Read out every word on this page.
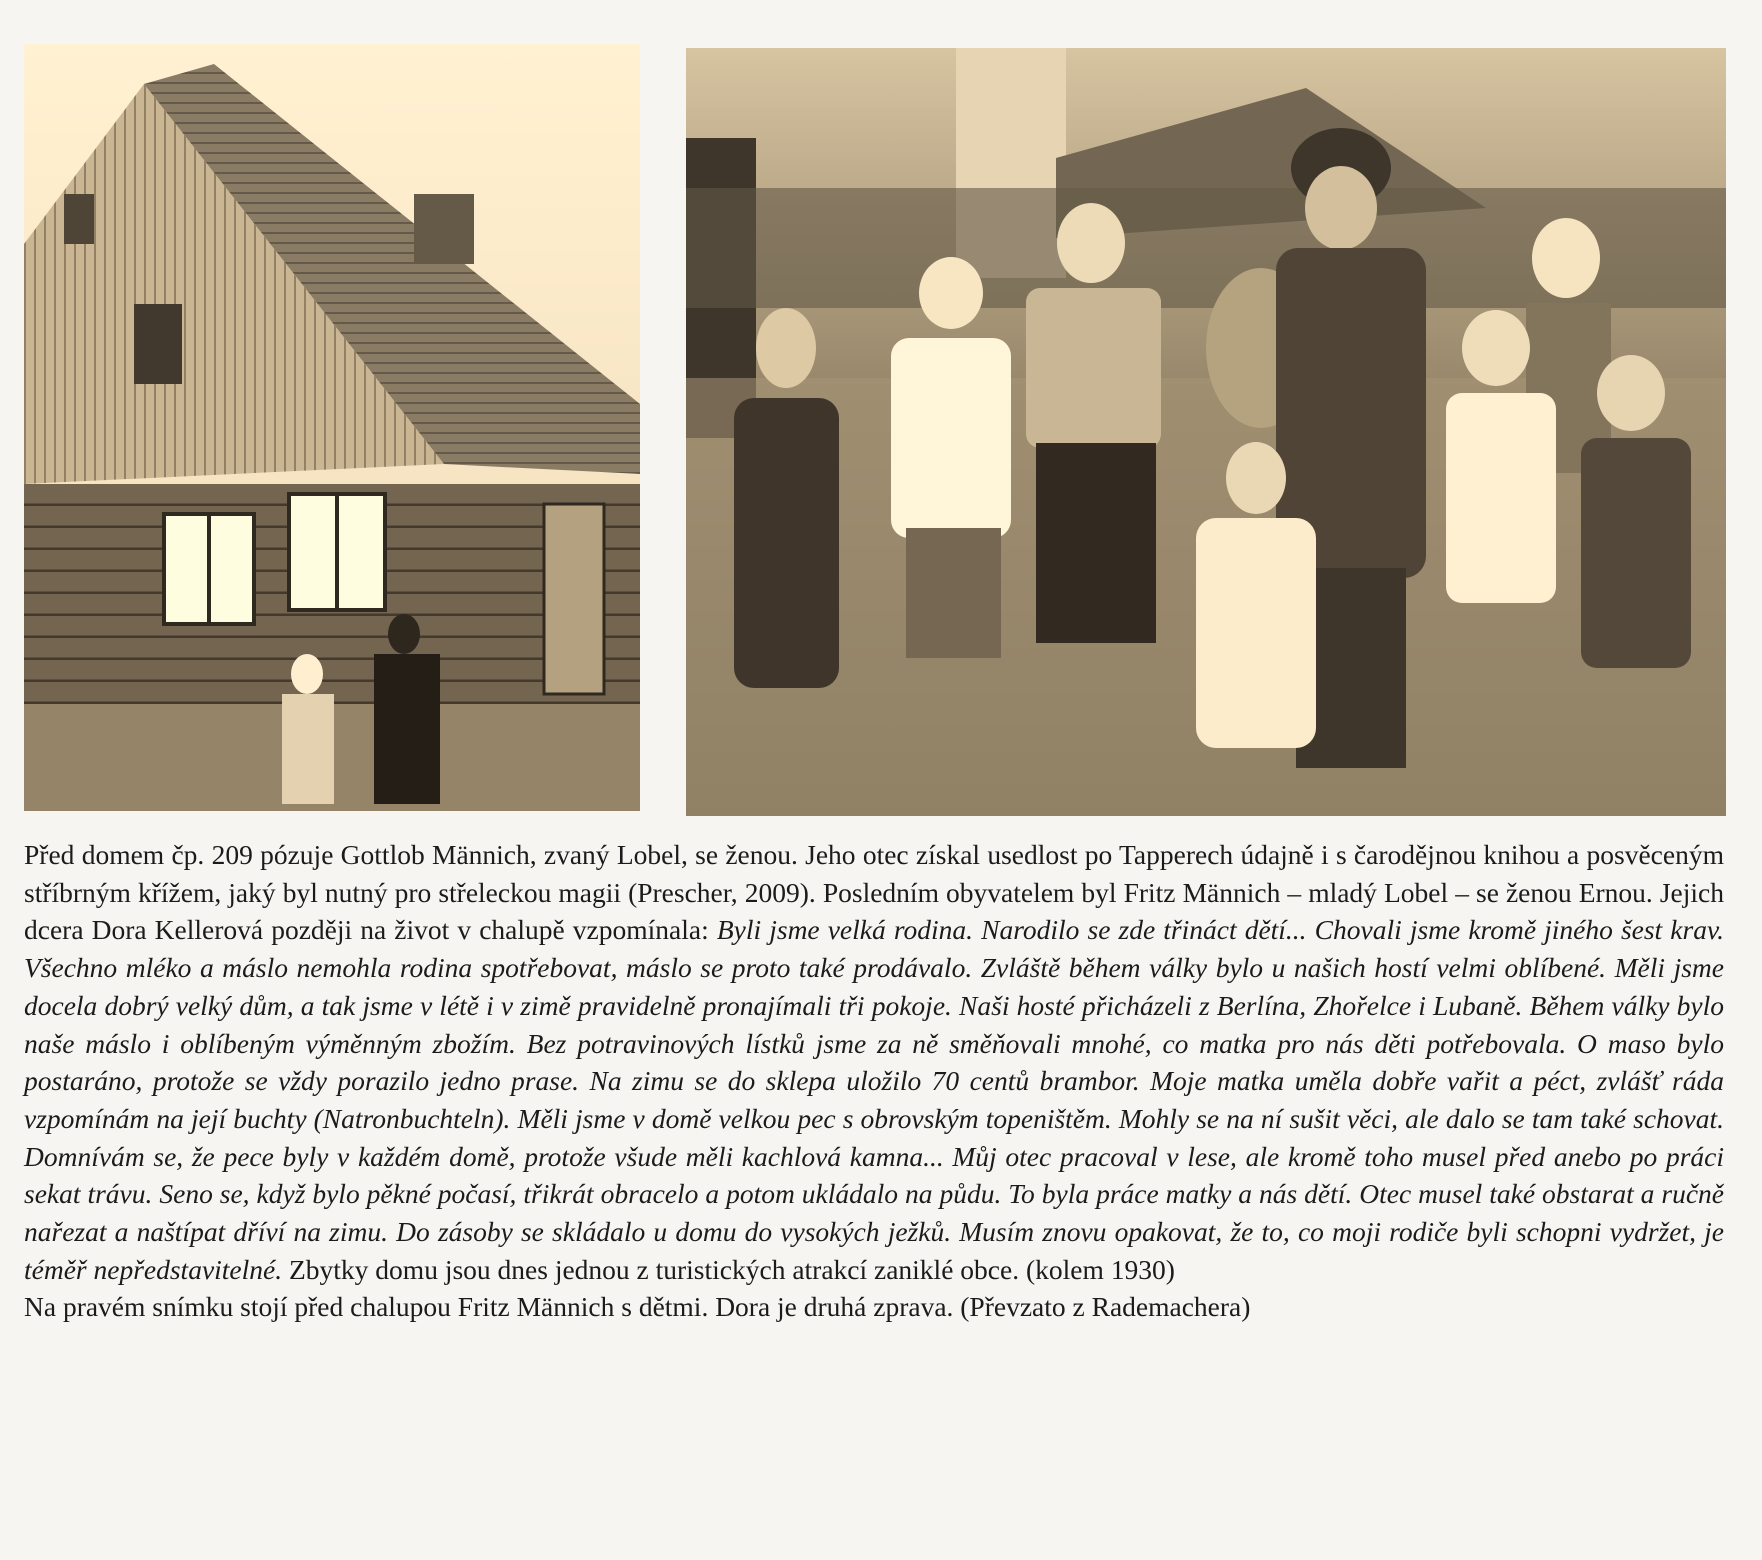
Před domem čp. 209 pózuje Gottlob Männich, zvaný Lobel, se ženou. Jeho otec získal usedlost po Tapperech údajně i s čarodějnou knihou a posvěceným stříbrným křížem, jaký byl nutný pro střeleckou magii (Prescher, 2009). Posledním obyvatelem byl Fritz Männich – mladý Lobel – se ženou Ernou. Jejich dcera Dora Kellerová později na život v chalupě vzpomínala: Byli jsme velká rodina. Narodilo se zde třináct dětí... Chovali jsme kromě jiného šest krav. Všechno mléko a máslo nemohla rodina spotřebovat, máslo se proto také prodávalo. Zvláště během války bylo u našich hostí velmi oblíbené. Měli jsme docela dobrý velký dům, a tak jsme v létě i v zimě pravidelně pronajímali tři pokoje. Naši hosté přicházeli z Berlína, Zhořelce i Lubaně. Během války bylo naše máslo i oblíbeným výměnným zbožím. Bez potravinových lístků jsme za ně směňovali mnohé, co matka pro nás děti potřebovala. O maso bylo postaráno, protože se vždy porazilo jedno prase. Na zimu se do sklepa uložilo 70 centů brambor. Moje matka uměla dobře vařit a péct, zvlášť ráda vzpomínám na její buchty (Natronbuchteln). Měli jsme v domě velkou pec s obrovským topeništěm. Mohly se na ní sušit věci, ale dalo se tam také schovat. Domnívám se, že pece byly v každém domě, protože všude měli kachlová kamna... Můj otec pracoval v lese, ale kromě toho musel před anebo po práci sekat trávu. Seno se, když bylo pěkné počasí, třikrát obracelo a potom ukládalo na půdu. To byla práce matky a nás dětí. Otec musel také obstarat a ručně nařezat a naštípat dříví na zimu. Do zásoby se skládalo u domu do vysokých ježků. Musím znovu opakovat, že to, co moji rodiče byli schopni vydržet, je téměř nepředstavitelné. Zbytky domu jsou dnes jednou z turistických atrakcí zaniklé obce. (kolem 1930)

Na pravém snímku stojí před chalupou Fritz Männich s dětmi. Dora je druhá zprava. (Převzato z Rademachera)
